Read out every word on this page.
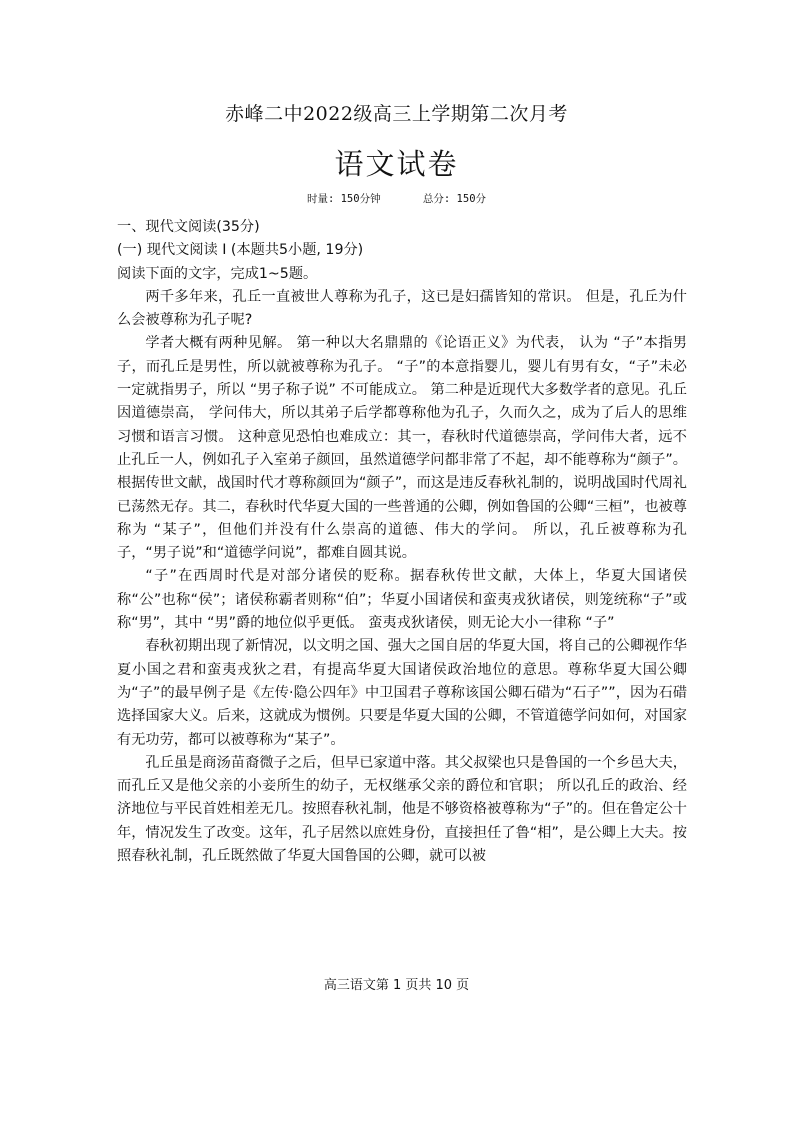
赤峰二中2022级高三上学期第二次月考
语文试卷
时量: 150分钟	总分: 150分

一、现代文阅读(35分)

(一) 现代文阅读 Ⅰ (本题共5小题, 19分)

阅读下面的文字，完成1~5题。

两千多年来，孔丘一直被世人尊称为孔子，这已是妇孺皆知的常识。 但是，孔丘为什么会被尊称为孔子呢?

学者大概有两种见解。 第一种以大名鼎鼎的《论语正义》为代表， 认为 “子”本指男子，而孔丘是男性，所以就被尊称为孔子。 “子”的本意指婴儿，婴儿有男有女，“子”未必一定就指男子，所以 “男子称子说” 不可能成立。 第二种是近现代大多数学者的意见。孔丘因道德崇高， 学问伟大，所以其弟子后学都尊称他为孔子，久而久之，成为了后人的思维习惯和语言习惯。 这种意见恐怕也难成立：其一，春秋时代道德崇高，学问伟大者，远不止孔丘一人，例如孔子入室弟子颜回，虽然道德学问都非常了不起，却不能尊称为“颜子”。根据传世文献，战国时代才尊称颜回为“颜子”，而这是违反春秋礼制的，说明战国时代周礼已荡然无存。其二，春秋时代华夏大国的一些普通的公卿，例如鲁国的公卿“三桓”，也被尊称为 “某子”，但他们并没有什么崇高的道德、伟大的学问。 所以，孔丘被尊称为孔子，“男子说”和“道德学问说”，都难自圆其说。

“子”在西周时代是对部分诸侯的贬称。据春秋传世文献，大体上，华夏大国诸侯称“公”也称“侯”；诸侯称霸者则称“伯”；华夏小国诸侯和蛮夷戎狄诸侯，则笼统称“子”或称“男”，其中 “男”爵的地位似乎更低。 蛮夷戎狄诸侯，则无论大小一律称 “子”

春秋初期出现了新情况，以文明之国、强大之国自居的华夏大国，将自己的公卿视作华夏小国之君和蛮夷戎狄之君，有提高华夏大国诸侯政治地位的意思。尊称华夏大国公卿为“子”的最早例子是《左传·隐公四年》中卫国君子尊称该国公卿石碏为“石子””，因为石碏选择国家大义。后来，这就成为惯例。只要是华夏大国的公卿，不管道德学问如何，对国家有无功劳，都可以被尊称为“某子”。

孔丘虽是商汤苗裔微子之后，但早已家道中落。其父叔梁也只是鲁国的一个乡邑大夫，而孔丘又是他父亲的小妾所生的幼子，无权继承父亲的爵位和官职； 所以孔丘的政治、经济地位与平民首姓相差无几。按照春秋礼制，他是不够资格被尊称为“子”的。但在鲁定公十年，情况发生了改变。这年，孔子居然以庶姓身份，直接担任了鲁“相”，是公卿上大夫。按照春秋礼制，孔丘既然做了华夏大国鲁国的公卿，就可以被

高三语文第 1 页共 10 页
